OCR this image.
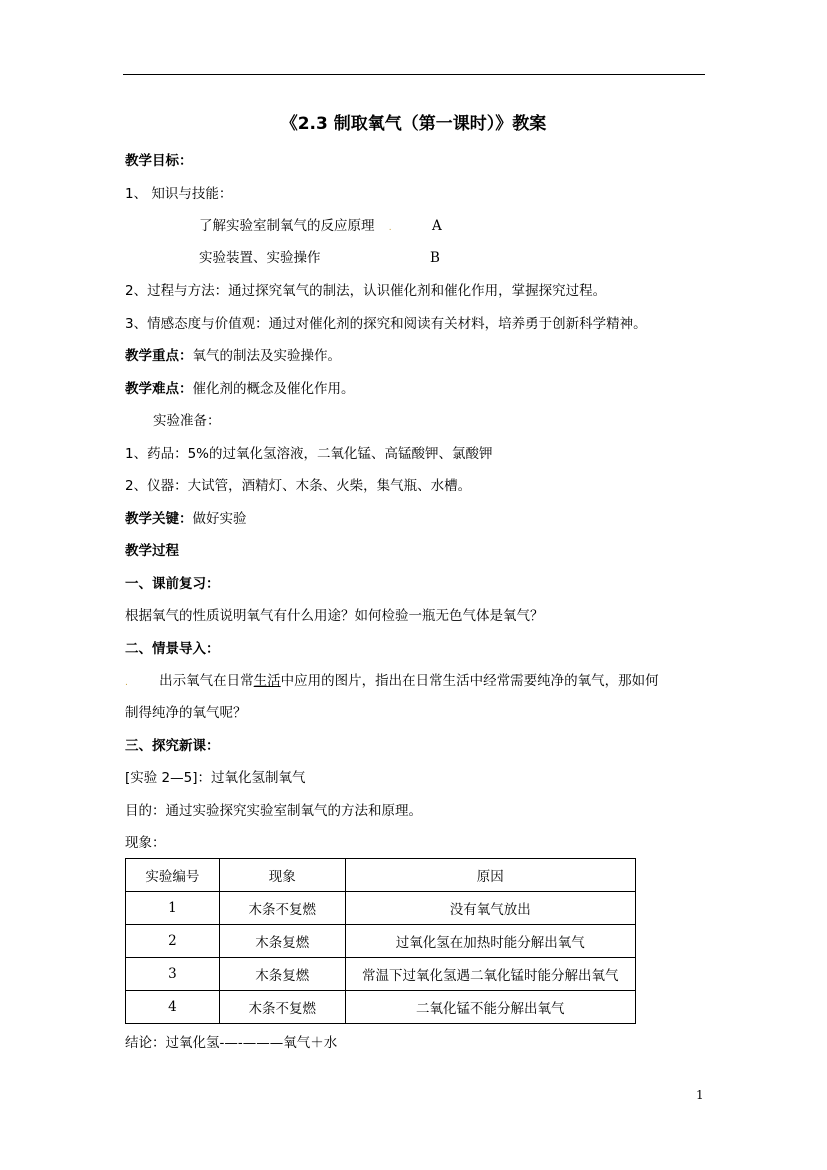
《2.3 制取氧气（第一课时）》教案
教学目标：
1、 知识与技能：
了解实验室制氧气的反应原理 .	A
实验装置、实验操作	B
2、过程与方法：通过探究氧气的制法，认识催化剂和催化作用，掌握探究过程。
3、情感态度与价值观：通过对催化剂的探究和阅读有关材料，培养勇于创新科学精神。
教学重点：氧气的制法及实验操作。
教学难点：催化剂的概念及催化作用。
实验准备：
1、药品：5%的过氧化氢溶液，二氧化锰、高锰酸钾、氯酸钾
2、仪器：大试管，酒精灯、木条、火柴，集气瓶、水槽。
教学关键：做好实验
教学过程
一、课前复习：
根据氧气的性质说明氧气有什么用途？如何检验一瓶无色气体是氧气？
二、情景导入：
. 出示氧气在日常生活中应用的图片，指出在日常生活中经常需要纯净的氧气，那如何
制得纯净的氧气呢？
三、探究新课：
[实验 2—5]：过氧化氢制氧气
目的：通过实验探究实验室制氧气的方法和原理。
现象：
实验编号	现象	原因
1	木条不复燃	没有氧气放出
2	木条复燃	过氧化氢在加热时能分解出氧气
3	木条复燃	常温下过氧化氢遇二氧化锰时能分解出氧气
4	木条不复燃	二氧化锰不能分解出氧气
结论：过氧化氢-—-———氧气＋水
1
